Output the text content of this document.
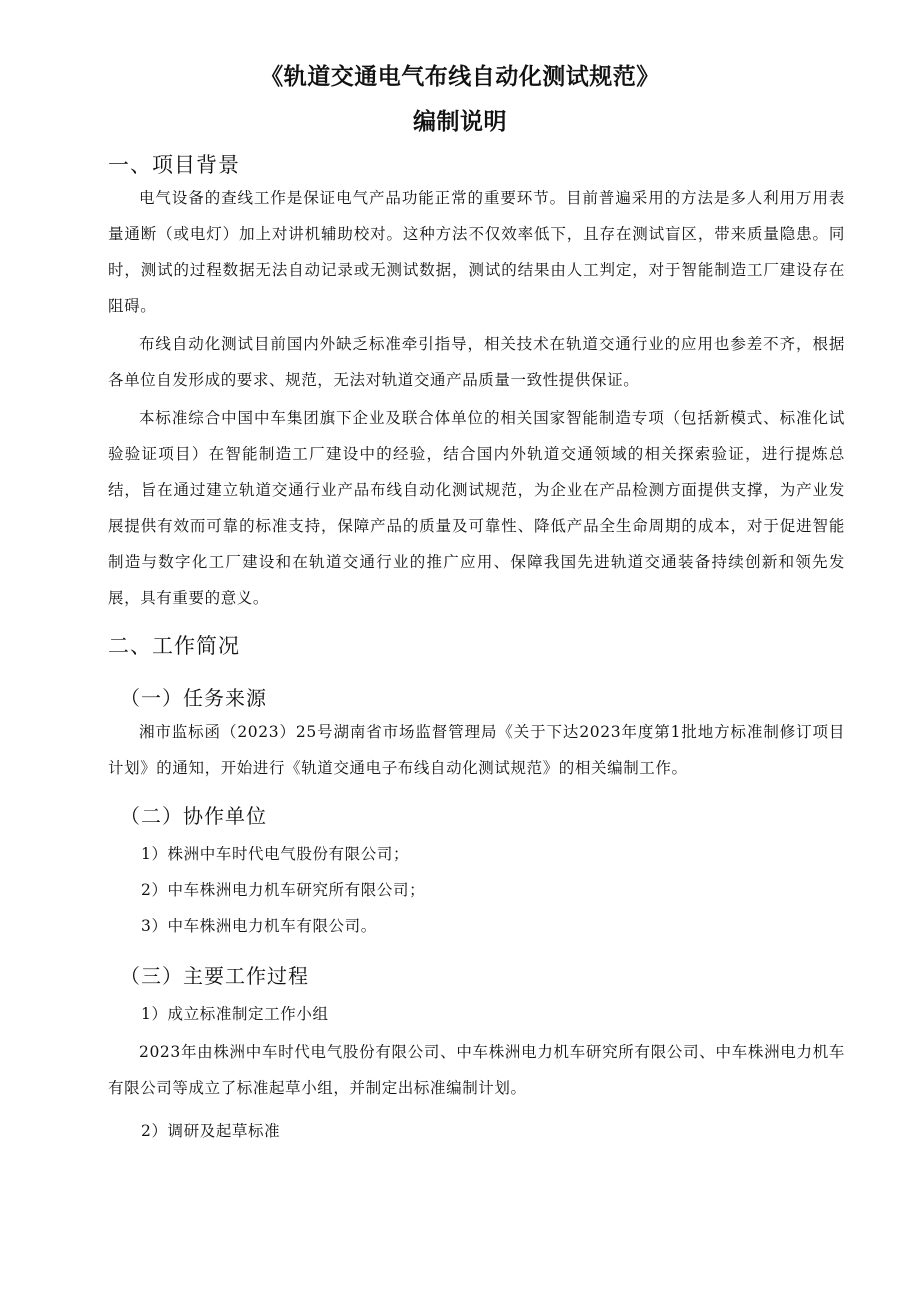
《轨道交通电气布线自动化测试规范》
编制说明
一、项目背景

电气设备的查线工作是保证电气产品功能正常的重要环节。目前普遍采用的方法是多人利用万用表量通断（或电灯）加上对讲机辅助校对。这种方法不仅效率低下，且存在测试盲区，带来质量隐患。同时，测试的过程数据无法自动记录或无测试数据，测试的结果由人工判定，对于智能制造工厂建设存在阻碍。

布线自动化测试目前国内外缺乏标准牵引指导，相关技术在轨道交通行业的应用也参差不齐，根据各单位自发形成的要求、规范，无法对轨道交通产品质量一致性提供保证。

本标准综合中国中车集团旗下企业及联合体单位的相关国家智能制造专项（包括新模式、标准化试验验证项目）在智能制造工厂建设中的经验，结合国内外轨道交通领域的相关探索验证，进行提炼总结，旨在通过建立轨道交通行业产品布线自动化测试规范，为企业在产品检测方面提供支撑，为产业发展提供有效而可靠的标准支持，保障产品的质量及可靠性、降低产品全生命周期的成本，对于促进智能制造与数字化工厂建设和在轨道交通行业的推广应用、保障我国先进轨道交通装备持续创新和领先发展，具有重要的意义。

二、工作简况
（一）任务来源

湘市监标函（2023）25号湖南省市场监督管理局《关于下达2023年度第1批地方标准制修订项目计划》的通知，开始进行《轨道交通电子布线自动化测试规范》的相关编制工作。

（二）协作单位

1）株洲中车时代电气股份有限公司；

2）中车株洲电力机车研究所有限公司；

3）中车株洲电力机车有限公司。

（三）主要工作过程

1）成立标准制定工作小组

2023年由株洲中车时代电气股份有限公司、中车株洲电力机车研究所有限公司、中车株洲电力机车有限公司等成立了标准起草小组，并制定出标准编制计划。

2）调研及起草标准
